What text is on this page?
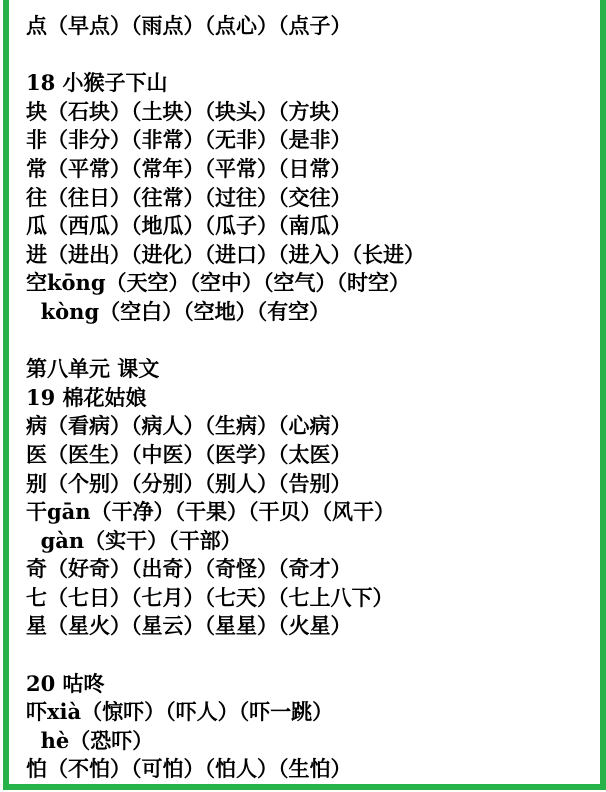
点（早点）（雨点）（点心）（点子）
18 小猴子下山
块（石块）（土块）（块头）（方块）
非（非分）（非常）（无非）（是非）
常（平常）（常年）（平常）（日常）
往（往日）（往常）（过往）（交往）
瓜（西瓜）（地瓜）（瓜子）（南瓜）
进（进出）（进化）（进口）（进入）（长进）
空kōng（天空）（空中）（空气）（时空）
kòng（空白）（空地）（有空）
第八单元 课文
19 棉花姑娘
病（看病）（病人）（生病）（心病）
医（医生）（中医）（医学）（太医）
别（个别）（分别）（别人）（告别）
干gān（干净）（干果）（干贝）（风干）
gàn（实干）（干部）
奇（好奇）（出奇）（奇怪）（奇才）
七（七日）（七月）（七天）（七上八下）
星（星火）（星云）（星星）（火星）
20 咕咚
吓xià（惊吓）（吓人）（吓一跳）
hè（恐吓）
怕（不怕）（可怕）（怕人）（生怕）
